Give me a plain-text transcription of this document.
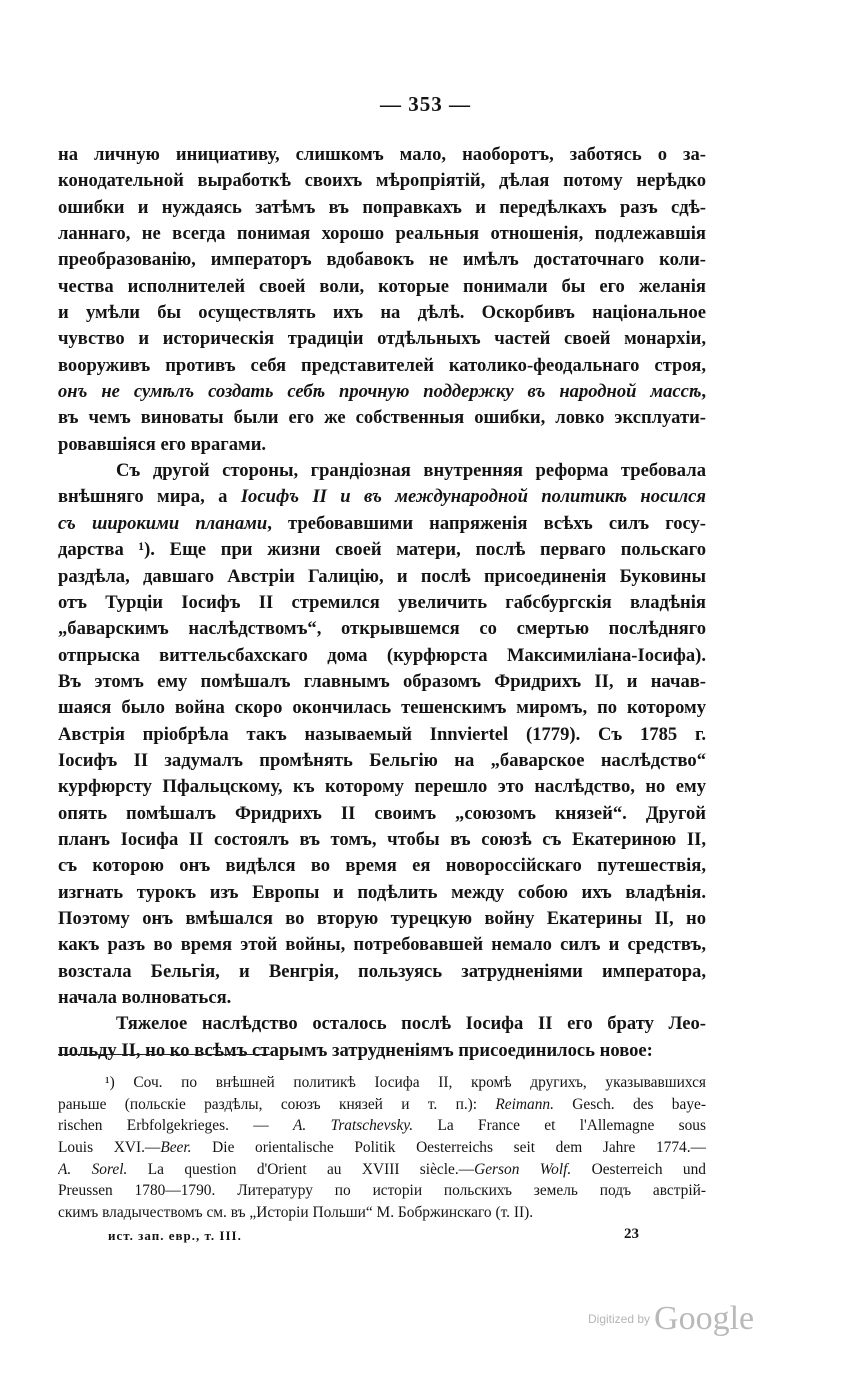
— 353 —
на личную инициативу, слишкомъ мало, наоборотъ, заботясь о за-
конодательной выработкѣ своихъ мѣропріятій, дѣлая потому нерѣдко
ошибки и нуждаясь затѣмъ въ поправкахъ и передѣлкахъ разъ сдѣ-
ланнаго, не всегда понимая хорошо реальныя отношенія, подлежавшія
преобразованію, императоръ вдобавокъ не имѣлъ достаточнаго коли-
чества исполнителей своей воли, которые понимали бы его желанія
и умѣли бы осуществлять ихъ на дѣлѣ. Оскорбивъ національное
чувство и историческія традиціи отдѣльныхъ частей своей монархіи,
вооруживъ противъ себя представителей католико-феодальнаго строя,
онъ не сумѣлъ создать себѣ прочную поддержку въ народной массѣ,
въ чемъ виноваты были его же собственныя ошибки, ловко эксплуати-
ровавшіяся его врагами.
Съ другой стороны, грандіозная внутренняя реформа требовала
внѣшняго мира, а Іосифъ II и въ международной политикѣ носился
съ широкими планами, требовавшими напряженія всѣхъ силъ госу-
дарства ¹). Еще при жизни своей матери, послѣ перваго польскаго
раздѣла, давшаго Австріи Галицію, и послѣ присоединенія Буковины
отъ Турціи Іосифъ II стремился увеличить габсбургскія владѣнія
„баварскимъ наслѣдствомъ“, открывшемся со смертью послѣдняго
отпрыска виттельсбахскаго дома (курфюрста Максимиліана-Іосифа).
Въ этомъ ему помѣшалъ главнымъ образомъ Фридрихъ II, и начав-
шаяся было война скоро окончилась тешенскимъ миромъ, по которому
Австрія пріобрѣла такъ называемый Innviertel (1779). Съ 1785 г.
Іосифъ II задумалъ промѣнять Бельгію на „баварское наслѣдство“
курфюрсту Пфальцскому, къ которому перешло это наслѣдство, но ему
опять помѣшалъ Фридрихъ II своимъ „союзомъ князей“. Другой
планъ Іосифа II состоялъ въ томъ, чтобы въ союзѣ съ Екатериною II,
съ которою онъ видѣлся во время ея новороссійскаго путешествія,
изгнать турокъ изъ Европы и подѣлить между собою ихъ владѣнія.
Поэтому онъ вмѣшался во вторую турецкую войну Екатерины II, но
какъ разъ во время этой войны, потребовавшей немало силъ и средствъ,
возстала Бельгія, и Венгрія, пользуясь затрудненіями императора,
начала волноваться.
Тяжелое наслѣдство осталось послѣ Іосифа II его брату Лео-
польду II, но ко всѣмъ старымъ затрудненіямъ присоединилось новое:
¹) Соч. по внѣшней политикѣ Іосифа II, кромѣ другихъ, указывавшихся
раньше (польскіе раздѣлы, союзъ князей и т. п.): Reimann. Gesch. des baye-
rischen Erbfolgekrieges. — A. Tratschevsky. La France et l'Allemagne sous
Louis XVI.—Beer. Die orientalische Politik Oesterreichs seit dem Jahre 1774.—
A. Sorel. La question d'Orient au XVIII siècle.—Gerson Wolf. Oesterreich und
Preussen 1780—1790. Литературу по исторіи польскихъ земель подъ австрій-
скимъ владычествомъ см. въ „Исторіи Польши“ М. Бобржинскаго (т. II).
ист. зап. евр., т. III.	23
Digitized by Google
